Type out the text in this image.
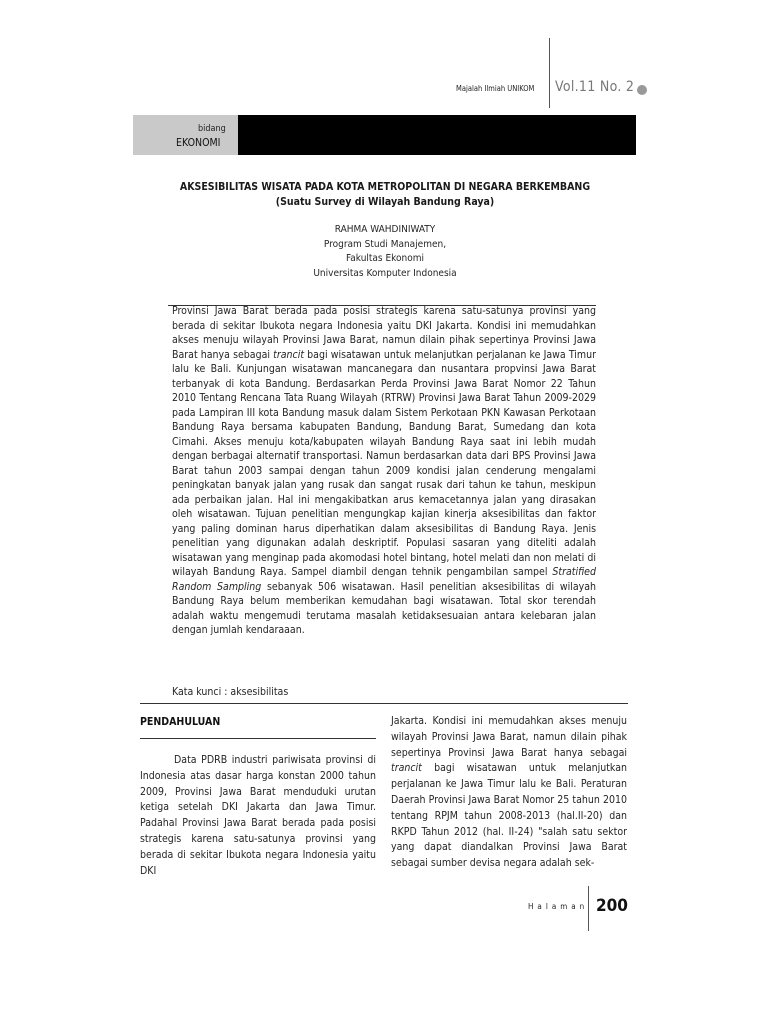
Majalah Ilmiah UNIKOM Vol.11 No. 2
bidang
EKONOMI
AKSESIBILITAS WISATA PADA KOTA METROPOLITAN DI NEGARA BERKEMBANG
(Suatu Survey di Wilayah Bandung Raya)
RAHMA WAHDINIWATY
Program Studi Manajemen,
Fakultas Ekonomi
Universitas Komputer Indonesia

Provinsi Jawa Barat berada pada posisi strategis karena satu-satunya provinsi yang berada di sekitar Ibukota negara Indonesia yaitu DKI Jakarta. Kondisi ini memudahkan akses menuju wilayah Provinsi Jawa Barat, namun dilain pihak sepertinya Provinsi Jawa Barat hanya sebagai trancit bagi wisatawan untuk melanjutkan perjalanan ke Jawa Timur lalu ke Bali. Kunjungan wisatawan mancanegara dan nusantara propvinsi Jawa Barat terbanyak di kota Bandung. Berdasarkan Perda Provinsi Jawa Barat Nomor 22 Tahun 2010 Tentang Rencana Tata Ruang Wilayah (RTRW) Provinsi Jawa Barat Tahun 2009-2029 pada Lampiran III kota Bandung masuk dalam Sistem Perkotaan PKN Kawasan Perkotaan Bandung Raya bersama kabupaten Bandung, Bandung Barat, Sumedang dan kota Cimahi. Akses menuju kota/kabupaten wilayah Bandung Raya saat ini lebih mudah dengan berbagai alternatif transportasi. Namun berdasarkan data dari BPS Provinsi Jawa Barat tahun 2003 sampai dengan tahun 2009 kondisi jalan cenderung mengalami peningkatan banyak jalan yang rusak dan sangat rusak dari tahun ke tahun, meskipun ada perbaikan jalan. Hal ini mengakibatkan arus kemacetannya jalan yang dirasakan oleh wisatawan. Tujuan penelitian mengungkap kajian kinerja aksesibilitas dan faktor yang paling dominan harus diperhatikan dalam aksesibilitas di Bandung Raya. Jenis penelitian yang digunakan adalah deskriptif. Populasi sasaran yang diteliti adalah wisatawan yang menginap pada akomodasi hotel bintang, hotel melati dan non melati di wilayah Bandung Raya. Sampel diambil dengan tehnik pengambilan sampel Stratified Random Sampling sebanyak 506 wisatawan. Hasil penelitian aksesibilitas di wilayah Bandung Raya belum memberikan kemudahan bagi wisatawan. Total skor terendah adalah waktu mengemudi terutama masalah ketidaksesuaian antara kelebaran jalan dengan jumlah kendaraaan.

Kata kunci : aksesibilitas
PENDAHULUAN

Data PDRB industri pariwisata provinsi di Indonesia atas dasar harga konstan 2000 tahun 2009, Provinsi Jawa Barat menduduki urutan ketiga setelah DKI Jakarta dan Jawa Timur. Padahal Provinsi Jawa Barat berada pada posisi strategis karena satu-satunya provinsi yang berada di sekitar Ibukota negara Indonesia yaitu DKI

Jakarta. Kondisi ini memudahkan akses menuju wilayah Provinsi Jawa Barat, namun dilain pihak sepertinya Provinsi Jawa Barat hanya sebagai trancit bagi wisatawan untuk melanjutkan perjalanan ke Jawa Timur lalu ke Bali. Peraturan Daerah Provinsi Jawa Barat Nomor 25 tahun 2010 tentang RPJM tahun 2008-2013 (hal.II-20) dan RKPD Tahun 2012 (hal. II-24) "salah satu sektor yang dapat diandalkan Provinsi Jawa Barat sebagai sumber devisa negara adalah sek-

Halaman 200
